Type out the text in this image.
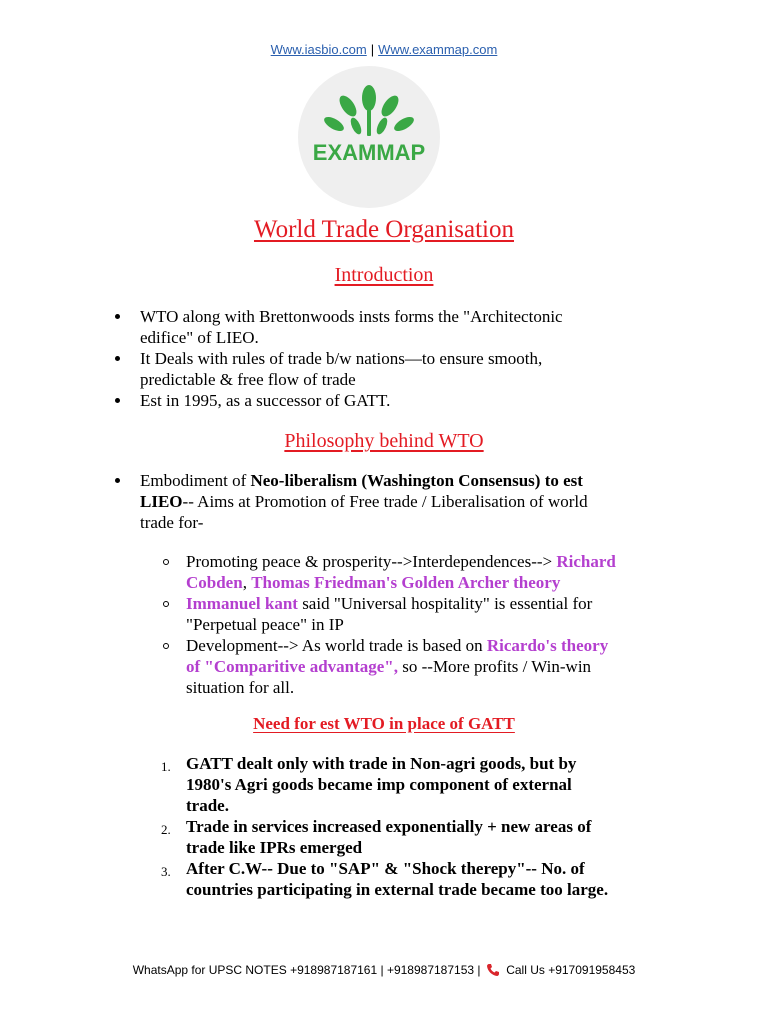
Www.iasbio.com | Www.exammap.com
EXAMMAP
World Trade Organisation
Introduction
WTO along with Brettonwoods insts forms the "Architectonic
edifice" of LIEO.
It Deals with rules of trade b/w nations—to ensure smooth,
predictable & free flow of trade
Est in 1995, as a successor of GATT.
Philosophy behind WTO
Embodiment of Neo-liberalism (Washington Consensus) to est
LIEO-- Aims at Promotion of Free trade / Liberalisation of world
trade for-
Promoting peace & prosperity-->Interdependences--> Richard
Cobden, Thomas Friedman's Golden Archer theory
Immanuel kant said "Universal hospitality" is essential for
"Perpetual peace" in IP
Development--> As world trade is based on Ricardo's theory
of "Comparitive advantage", so --More profits / Win-win
situation for all.
Need for est WTO in place of GATT
1. GATT dealt only with trade in Non-agri goods, but by
1980's Agri goods became imp component of external
trade.
2. Trade in services increased exponentially + new areas of
trade like IPRs emerged
3. After C.W-- Due to "SAP" & "Shock therepy"-- No. of
countries participating in external trade became too large.
WhatsApp for UPSC NOTES +918987187161 | +918987187153 | Call Us +917091958453
